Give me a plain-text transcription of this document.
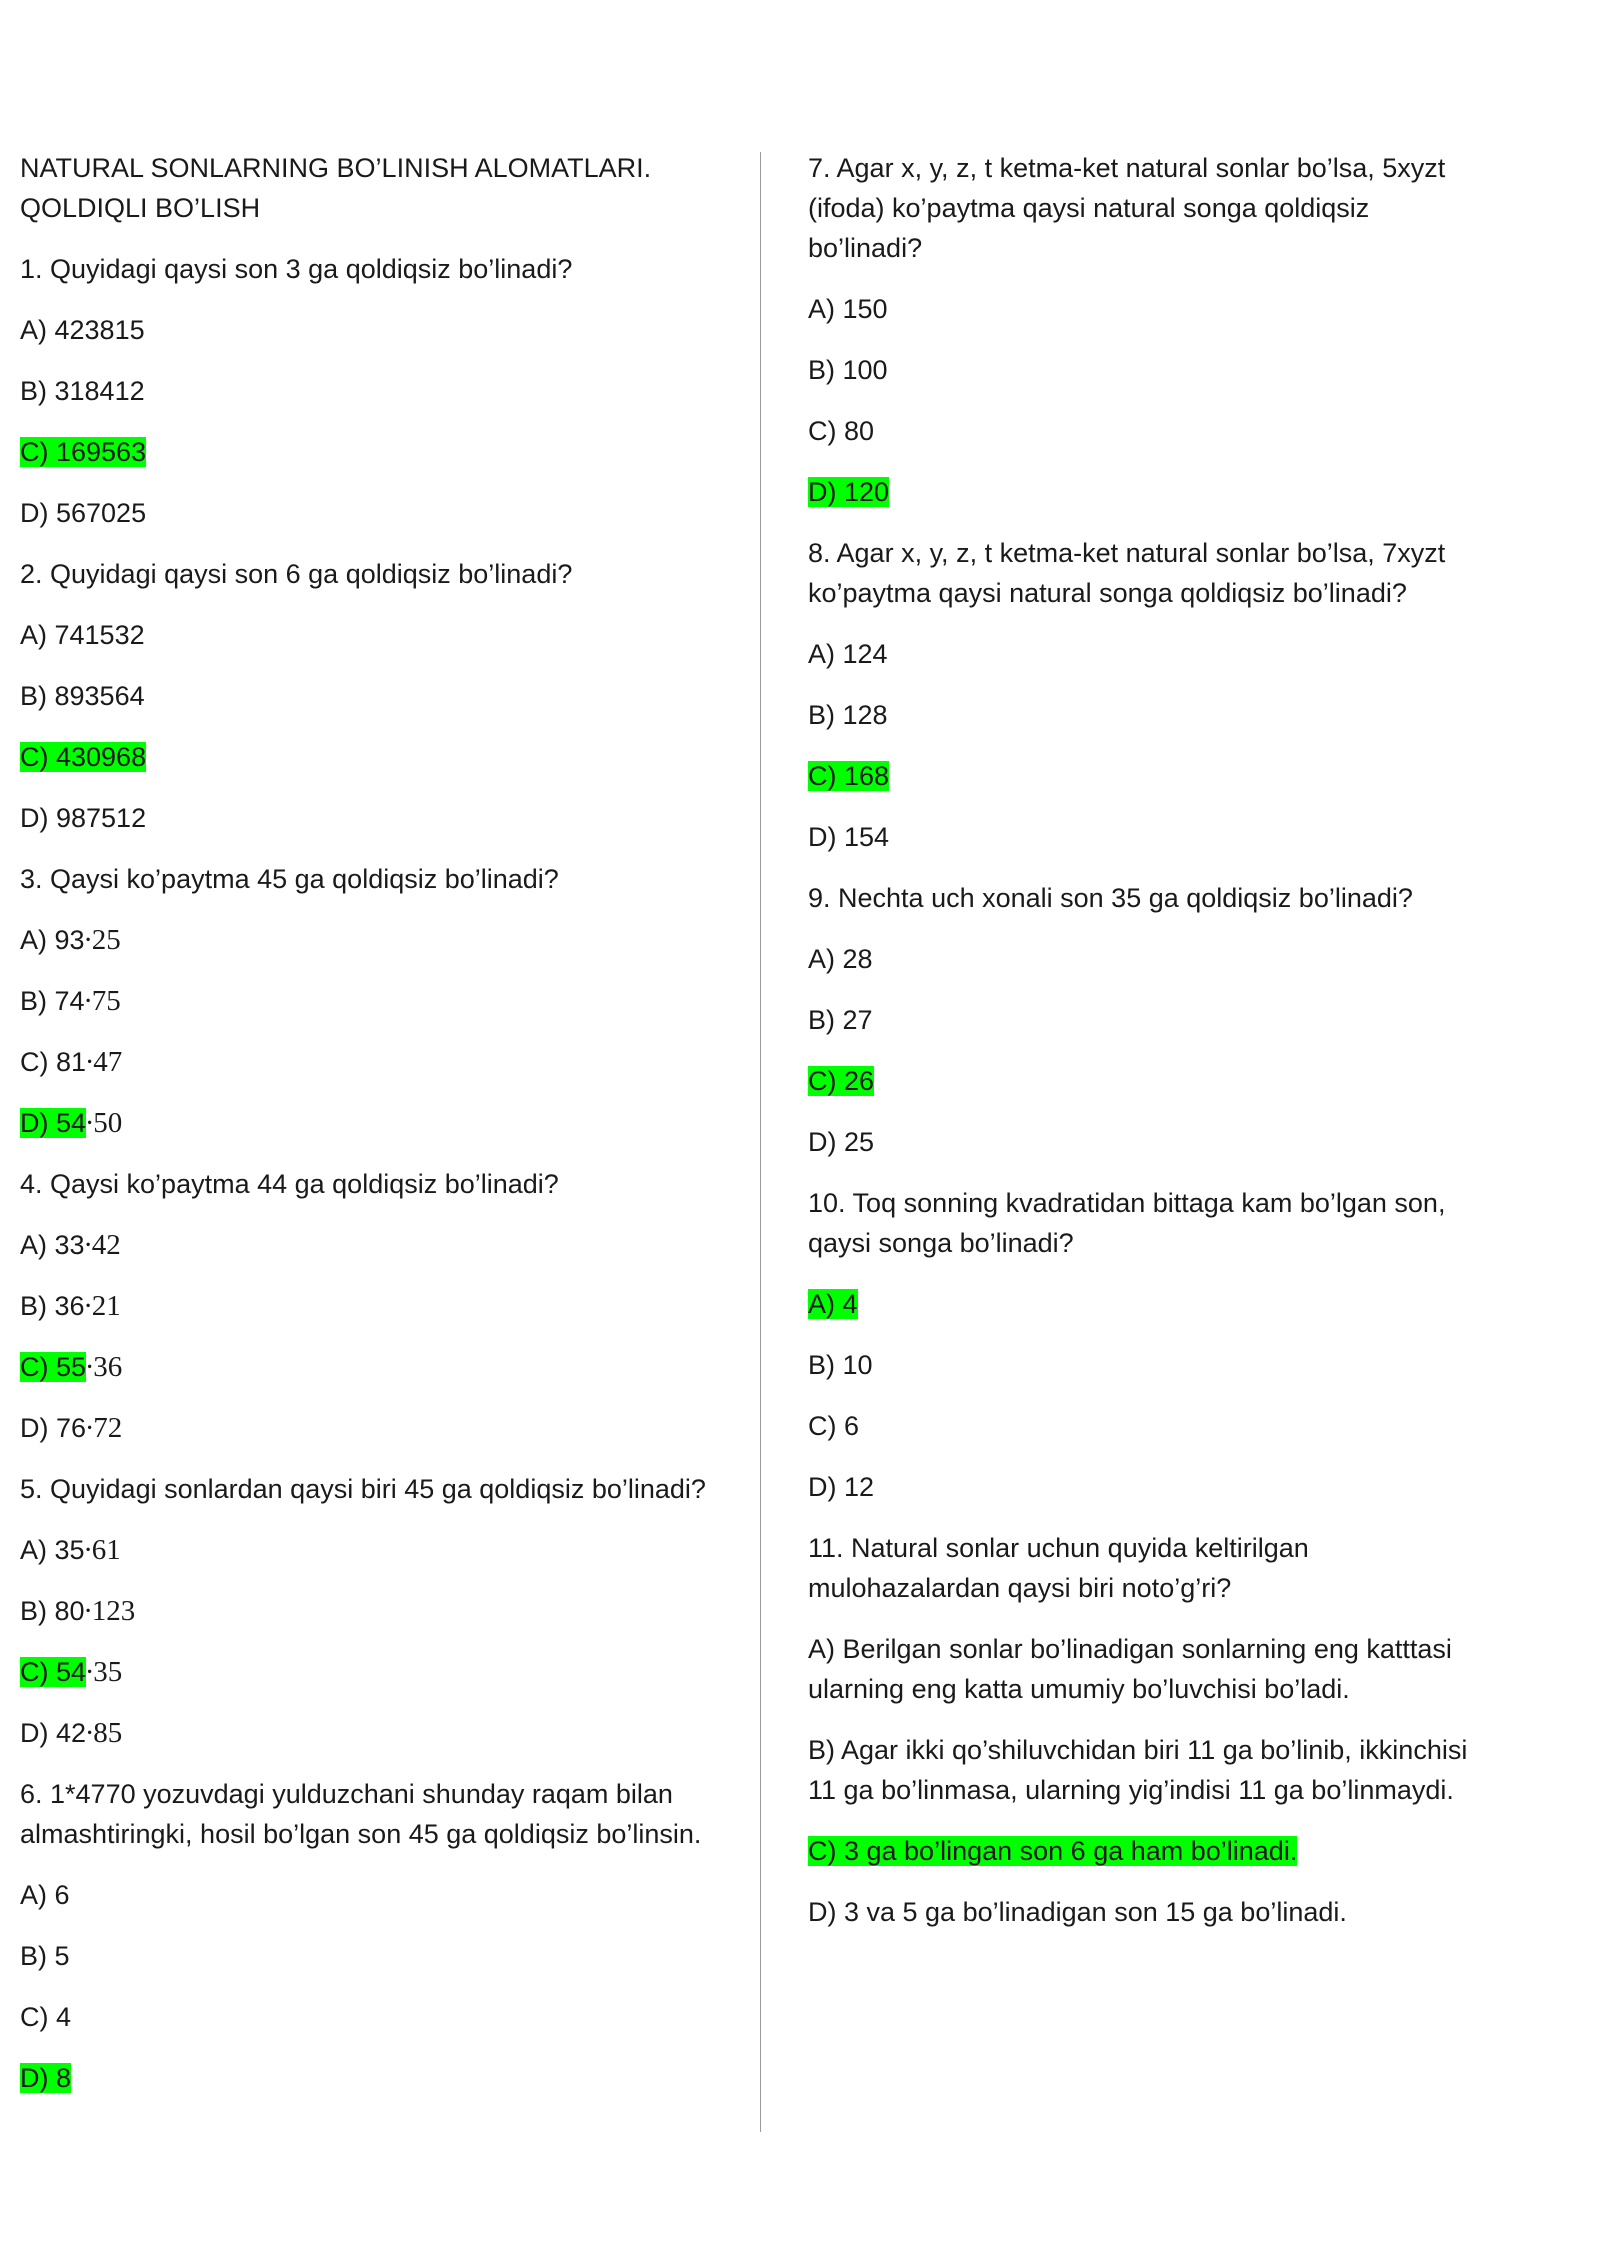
NATURAL SONLARNING BO’LINISH ALOMATLARI.
QOLDIQLI BO’LISH
1. Quyidagi qaysi son 3 ga qoldiqsiz bo’linadi?
A) 423815
B) 318412
C) 169563
D) 567025
2. Quyidagi qaysi son 6 ga qoldiqsiz bo’linadi?
A) 741532
B) 893564
C) 430968
D) 987512
3. Qaysi ko’paytma 45 ga qoldiqsiz bo’linadi?
A) 93∙25
B) 74∙75
C) 81∙47
D) 54∙50
4. Qaysi ko’paytma 44 ga qoldiqsiz bo’linadi?
A) 33∙42
B) 36∙21
C) 55∙36
D) 76∙72
5. Quyidagi sonlardan qaysi biri 45 ga qoldiqsiz bo’linadi?
A) 35∙61
B) 80∙123
C) 54∙35
D) 42∙85
6. 1*4770 yozuvdagi yulduzchani shunday raqam bilan
almashtiringki, hosil bo’lgan son 45 ga qoldiqsiz bo’linsin.
A) 6
B) 5
C) 4
D) 8
7. Agar x, y, z, t ketma-ket natural sonlar bo’lsa, 5xyzt
(ifoda) ko’paytma qaysi natural songa qoldiqsiz
bo’linadi?
A) 150
B) 100
C) 80
D) 120
8. Agar x, y, z, t ketma-ket natural sonlar bo’lsa, 7xyzt
ko’paytma qaysi natural songa qoldiqsiz bo’linadi?
A) 124
B) 128
C) 168
D) 154
9. Nechta uch xonali son 35 ga qoldiqsiz bo’linadi?
A) 28
B) 27
C) 26
D) 25
10. Toq sonning kvadratidan bittaga kam bo’lgan son,
qaysi songa bo’linadi?
A) 4
B) 10
C) 6
D) 12
11. Natural sonlar uchun quyida keltirilgan
mulohazalardan qaysi biri noto’g’ri?
A) Berilgan sonlar bo’linadigan sonlarning eng katttasi
ularning eng katta umumiy bo’luvchisi bo’ladi.
B) Agar ikki qo’shiluvchidan biri 11 ga bo’linib, ikkinchisi
11 ga bo’linmasa, ularning yig’indisi 11 ga bo’linmaydi.
C) 3 ga bo’lingan son 6 ga ham bo’linadi.
D) 3 va 5 ga bo’linadigan son 15 ga bo’linadi.
